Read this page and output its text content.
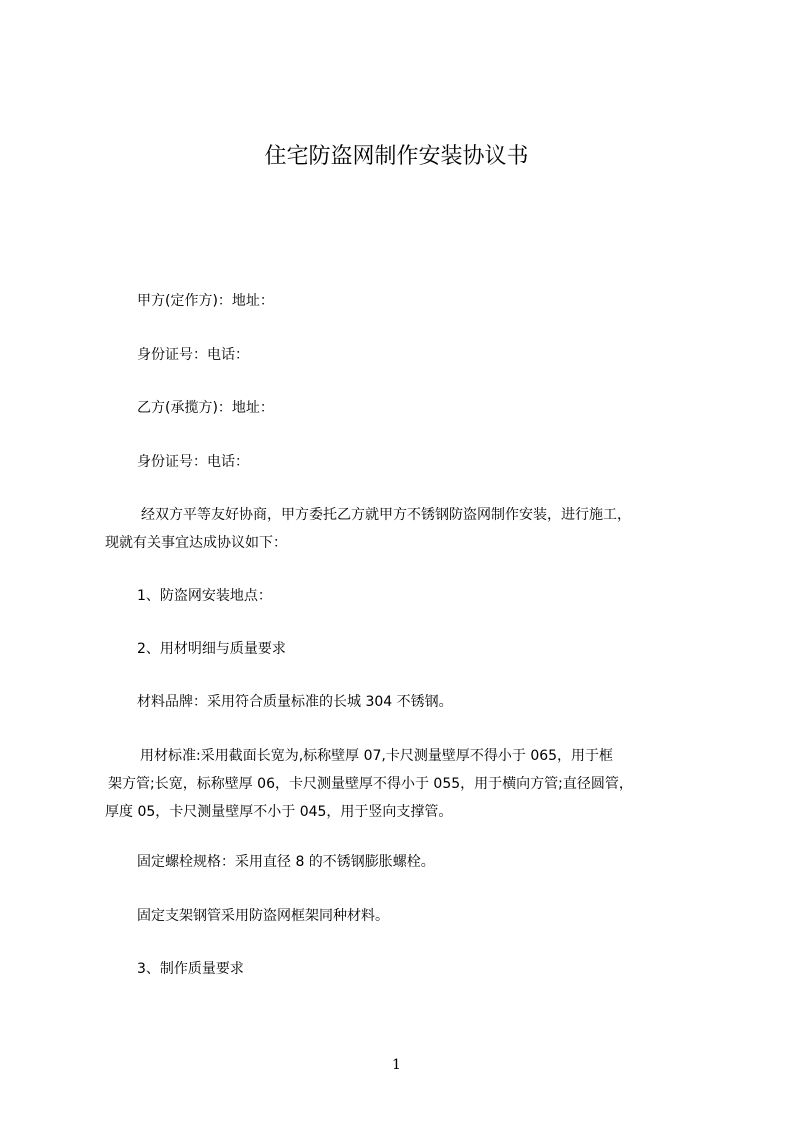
住宅防盗网制作安装协议书

甲方(定作方)：地址：

身份证号：电话：

乙方(承揽方)：地址：

身份证号：电话：

经双方平等友好协商，甲方委托乙方就甲方不锈钢防盗网制作安装，进行施工，
现就有关事宜达成协议如下：

1、防盗网安装地点：

2、用材明细与质量要求

材料品牌：采用符合质量标准的长城 304 不锈钢。

用材标准:采用截面长宽为,标称壁厚 07,卡尺测量壁厚不得小于 065，用于框
架方管;长宽，标称壁厚 06，卡尺测量壁厚不得小于 055，用于横向方管;直径圆管，
厚度 05，卡尺测量壁厚不小于 045，用于竖向支撑管。

固定螺栓规格：采用直径 8 的不锈钢膨胀螺栓。

固定支架钢管采用防盗网框架同种材料。

3、制作质量要求

1
